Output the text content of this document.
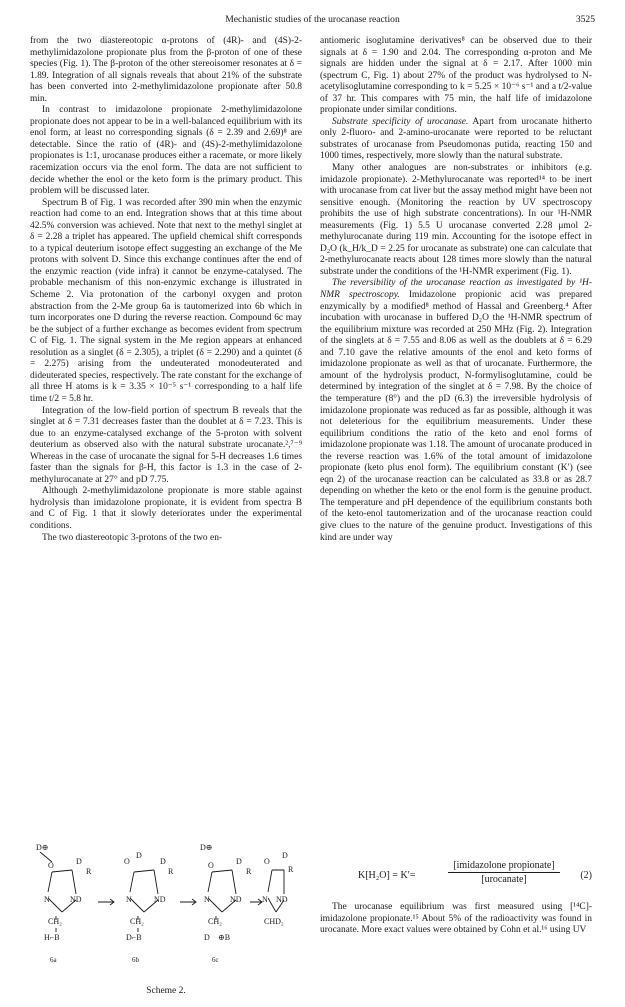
Mechanistic studies of the urocanase reaction	3525

from the two diastereotopic α-protons of (4R)- and (4S)-2-methylimidazolone propionate plus from the β-proton of one of these species (Fig. 1). The β-proton of the other stereoisomer resonates at δ = 1.89. Integration of all signals reveals that about 21% of the substrate has been converted into 2-methylimidazolone propionate after 50.8 min.

In contrast to imidazolone propionate 2-methylimidazolone propionate does not appear to be in a well-balanced equilibrium with its enol form, at least no corresponding signals (δ = 2.39 and 2.69)⁸ are detectable. Since the ratio of (4R)- and (4S)-2-methylimidazolone propionates is 1:1, urocanase produces either a racemate, or more likely racemization occurs via the enol form. The data are not sufficient to decide whether the enol or the keto form is the primary product. This problem will be discussed later.

Spectrum B of Fig. 1 was recorded after 390 min when the enzymic reaction had come to an end. Integration shows that at this time about 42.5% conversion was achieved. Note that next to the methyl singlet at δ = 2.28 a triplet has appeared. The upfield chemical shift corresponds to a typical deuterium isotope effect suggesting an exchange of the Me protons with solvent D. Since this exchange continues after the end of the enzymic reaction (vide infra) it cannot be enzyme-catalysed. The probable mechanism of this non-enzymic exchange is illustrated in Scheme 2. Via protonation of the carbonyl oxygen and proton abstraction from the 2-Me group 6a is tautomerized into 6b which in turn incorporates one D during the reverse reaction. Compound 6c may be the subject of a further exchange as becomes evident from spectrum C of Fig. 1. The signal system in the Me region appears at enhanced resolution as a singlet (δ = 2.305), a triplet (δ = 2.290) and a quintet (δ = 2.275) arising from the undeuterated monodeuterated and dideuterated species, respectively. The rate constant for the exchange of all three H atoms is k = 3.35 × 10⁻⁵ s⁻¹ corresponding to a half life time t/2 = 5.8 hr.

Integration of the low-field portion of spectrum B reveals that the singlet at δ = 7.31 decreases faster than the doublet at δ = 7.23. This is due to an enzyme-catalysed exchange of the 5-proton with solvent deuterium as observed also with the natural substrate urocanate.²,⁷⁻⁹ Whereas in the case of urocanate the signal for 5-H decreases 1.6 times faster than the signals for β-H, this factor is 1.3 in the case of 2-methylurocanate at 27° and pD 7.75.

Although 2-methylimidazolone propionate is more stable against hydrolysis than imidazolone propionate, it is evident from spectra B and C of Fig. 1 that it slowly deteriorates under the experimental conditions.

The two diastereotopic 3-protons of the two en-

D⊕
O	D
R
ND
N
CH₂
H⌐B
6a
O
D
D
R
ND
N
CH₂
D⌐B
6b
D⊕
O	D
R
ND
N
CH₂
D ⊕B
6c
O
D
R
ND
N
CHD₂
Scheme 2.

antiomeric isoglutamine derivatives⁸ can be observed due to their signals at δ = 1.90 and 2.04. The corresponding α-proton and Me signals are hidden under the signal at δ = 2.17. After 1000 min (spectrum C, Fig. 1) about 27% of the product was hydrolysed to N-acetylisoglutamine corresponding to k = 5.25 × 10⁻⁶ s⁻¹ and a t/2-value of 37 hr. This compares with 75 min, the half life of imidazolone propionate under similar conditions.

Substrate specificity of urocanase. Apart from urocanate hitherto only 2-fluoro- and 2-amino-urocanate were reported to be reluctant substrates of urocanase from Pseudomonas putida, reacting 150 and 1000 times, respectively, more slowly than the natural substrate.

Many other analogues are non-substrates or inhibitors (e.g. imidazole propionate). 2-Methylurocanate was reported¹⁴ to be inert with urocanase from cat liver but the assay method might have been not sensitive enough. (Monitoring the reaction by UV spectroscopy prohibits the use of high substrate concentrations). In our ¹H-NMR measurements (Fig. 1) 5.5 U urocanase converted 2.28 μmol 2-methylurocanate during 119 min. Accounting for the isotope effect in D₂O (k_H/k_D = 2.25 for urocanate as substrate) one can calculate that 2-methylurocanate reacts about 128 times more slowly than the natural substrate under the conditions of the ¹H-NMR experiment (Fig. 1).

The reversibility of the urocanase reaction as investigated by ¹H-NMR spectroscopy. Imidazolone propionic acid was prepared enzymically by a modified⁸ method of Hassal and Greenberg.⁴ After incubation with urocanase in buffered D₂O the ¹H-NMR spectrum of the equilibrium mixture was recorded at 250 MHz (Fig. 2). Integration of the singlets at δ = 7.55 and 8.06 as well as the doublets at δ = 6.29 and 7.10 gave the relative amounts of the enol and keto forms of imidazolone propionate as well as that of urocanate. Furthermore, the amount of the hydrolysis product, N-formylisoglutamine, could be determined by integration of the singlet at δ = 7.98. By the choice of the temperature (8°) and the pD (6.3) the irreversible hydrolysis of imidazolone propionate was reduced as far as possible, although it was not deleterious for the equilibrium measurements. Under these equilibrium conditions the ratio of the keto and enol forms of imidazolone propionate was 1.18. The amount of urocanate produced in the reverse reaction was 1.6% of the total amount of imidazolone propionate (keto plus enol form). The equilibrium constant (K′) (see eqn 2) of the urocanase reaction can be calculated as 33.8 or as 28.7 depending on whether the keto or the enol form is the genuine product. The temperature and pH dependence of the equilibrium constants both of the keto-enol tautomerization and of the urocanase reaction could give clues to the nature of the genuine product. Investigations of this kind are under way

K[H₂O] = K′=
[imidazolone propionate]
[urocanate]	(2)

The urocanase equilibrium was first measured using [¹⁴C]-imidazolone propionate.¹⁵ About 5% of the radioactivity was found in urocanate. More exact values were obtained by Cohn et al.¹⁶ using UV
